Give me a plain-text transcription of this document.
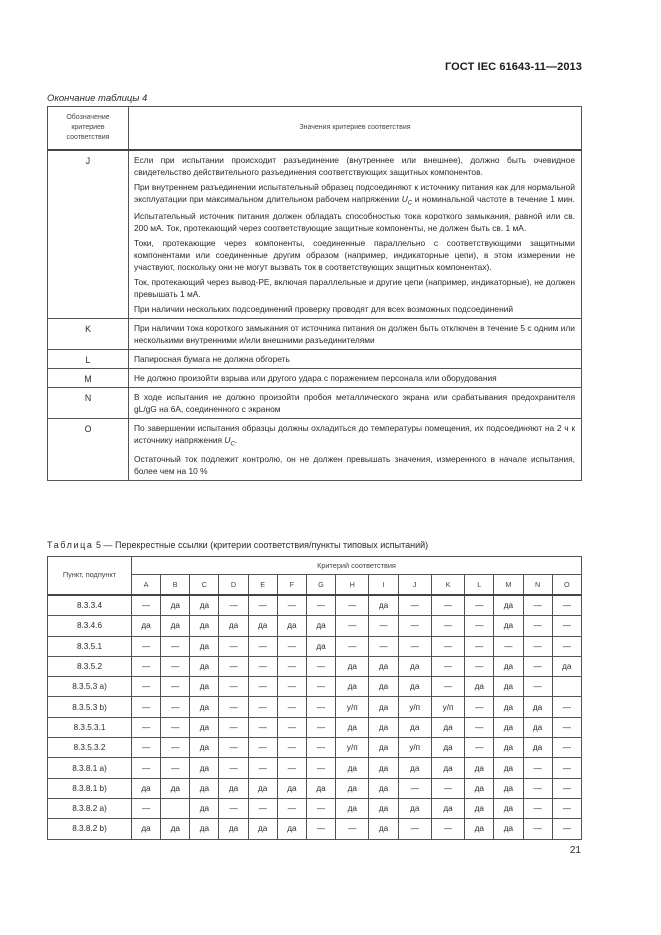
ГОСТ IEC 61643-11—2013
Окончание таблицы 4
Обозначение критериев соответствия	Значения критериев соответствия
J	Если при испытании происходит разъединение (внутреннее или внешнее), должно быть очевидное свидетельство действительного разъединения соответствующих защитных компонентов.

При внутреннем разъединении испытательный образец подсоединяют к источнику питания как для нормальной эксплуатации при максимальном длительном рабочем напряжении $U_C$ и номинальной частоте в течение 1 мин. Испытательный источник питания должен обладать способностью тока короткого замыкания, равной или св. 200 мА. Ток, протекающий через соответствующие защитные компоненты, не должен быть св. 1 мА.

Токи, протекающие через компоненты, соединенные параллельно с соответствующими защитными компонентами или соединенные другим образом (например, индикаторные цепи), в этом измерении не участвуют, поскольку они не могут вызвать ток в соответствующих защитных компонентах).

Ток, протекающий через вывод-PE, включая параллельные и другие цепи (например, индикаторные), не должен превышать 1 мА.

При наличии нескольких подсоединений проверку проводят для всех возможных подсоединений

K	При наличии тока короткого замыкания от источника питания он должен быть отключен в течение 5 с одним или несколькими внутренними и/или внешними разъединителями

L	Папиросная бумага не должна обгореть

M	Не должно произойти взрыва или другого удара с поражением персонала или оборудования

N	В ходе испытания не должно произойти пробоя металлического экрана или срабатывания предохранителя gL/gG на 6А, соединенного с экраном

O	По завершении испытания образцы должны охладиться до температуры помещения, их подсоединяют на 2 ч к источнику напряжения $U_C$.

Остаточный ток подлежит контролю, он не должен превышать значения, измеренного в начале испытания, более чем на 10 %

Таблица 5 — Перекрестные ссылки (критерии соответствия/пункты типовых испытаний)
Пункт, подпункт	Критерий соответствия														
	A	B	C	D	E	F	G	H	I	J	K	L	M	N	O
8.3.3.4	—	да	да	—	—	—	—	—	да	—	—	—	да	—	—
8.3.4.6	да	да	да	да	да	да	да	—	—	—	—	—	да	—	—
8.3.5.1	—	—	да	—	—	—	да	—	—	—	—	—	—	—	—
8.3.5.2	—	—	да	—	—	—	—	да	да	да	—	—	да	—	да
8.3.5.3 а)	—	—	да	—	—	—	—	да	да	да	—	да	да	—	
8.3.5.3 b)	—	—	да	—	—	—	—	у/п	да	у/п	у/п	—	да	да	—
8.3.5.3.1	—	—	да	—	—	—	—	да	да	да	да	—	да	да	—
8.3.5.3.2	—	—	да	—	—	—	—	у/п	да	у/п	да	—	да	да	—
8.3.8.1 а)	—	—	да	—	—	—	—	да	да	да	да	да	да	—	—
8.3.8.1 b)	да	да	да	да	да	да	да	да	да	—	—	да	да	—	—
8.3.8.2 а)	—		да	—	—	—	—	да	да	да	да	да	да	—	—
8.3.8.2 b)	да	да	да	да	да	да	—	—	да	—	—	да	да	—	—
21
